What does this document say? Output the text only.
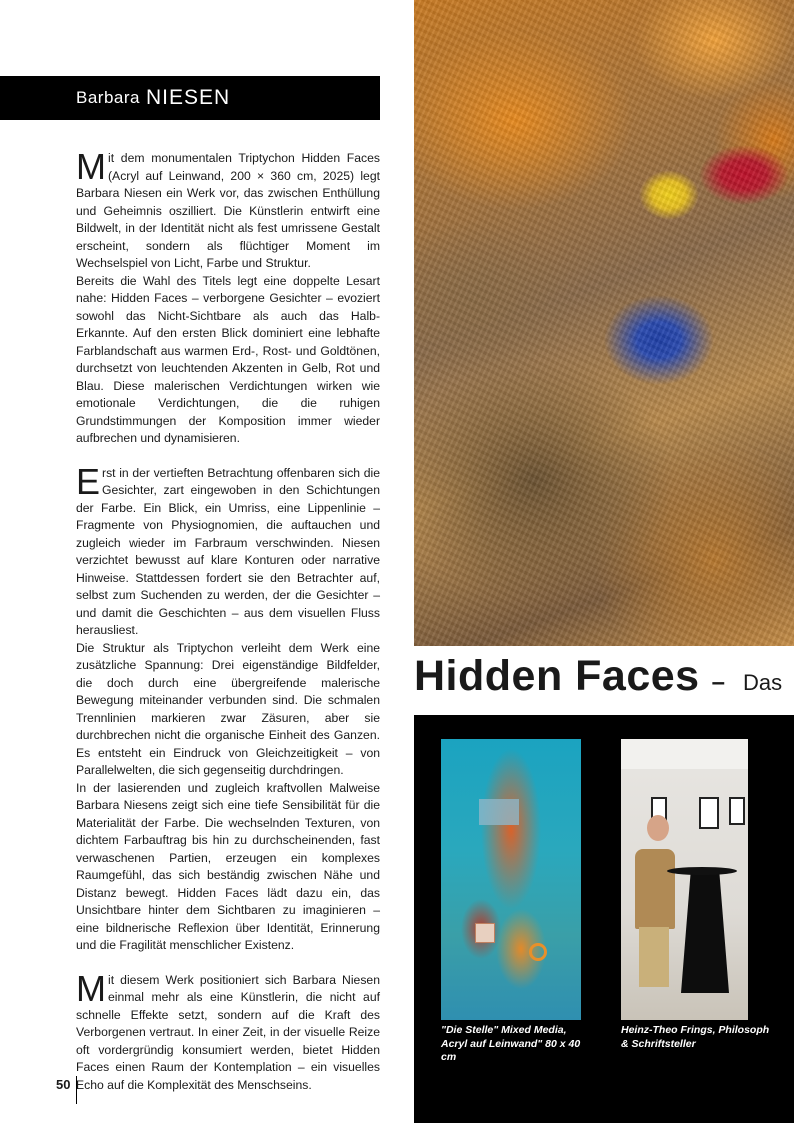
Barbara NIESEN

Mit dem monumentalen Triptychon Hidden Faces (Acryl auf Leinwand, 200 × 360 cm, 2025) legt Barbara Niesen ein Werk vor, das zwischen Enthüllung und Geheimnis oszilliert. Die Künstlerin entwirft eine Bildwelt, in der Identität nicht als fest umrissene Gestalt erscheint, sondern als flüchtiger Moment im Wechselspiel von Licht, Farbe und Struktur.

Bereits die Wahl des Titels legt eine doppelte Lesart nahe: Hidden Faces – verborgene Gesichter – evoziert sowohl das Nicht-Sichtbare als auch das Halb-Erkannte. Auf den ersten Blick dominiert eine lebhafte Farblandschaft aus warmen Erd-, Rost- und Goldtönen, durchsetzt von leuchtenden Akzenten in Gelb, Rot und Blau. Diese malerischen Verdichtungen wirken wie emotionale Verdichtungen, die die ruhigen Grundstimmungen der Komposition immer wieder aufbrechen und dynamisieren.

Erst in der vertieften Betrachtung offenbaren sich die Gesichter, zart eingewoben in den Schichtungen der Farbe. Ein Blick, ein Umriss, eine Lippenlinie – Fragmente von Physiognomien, die auftauchen und zugleich wieder im Farbraum verschwinden. Niesen verzichtet bewusst auf klare Konturen oder narrative Hinweise. Stattdessen fordert sie den Betrachter auf, selbst zum Suchenden zu werden, der die Gesichter – und damit die Geschichten – aus dem visuellen Fluss herausliest.

Die Struktur als Triptychon verleiht dem Werk eine zusätzliche Spannung: Drei eigenständige Bildfelder, die doch durch eine übergreifende malerische Bewegung miteinander verbunden sind. Die schmalen Trennlinien markieren zwar Zäsuren, aber sie durchbrechen nicht die organische Einheit des Ganzen. Es entsteht ein Eindruck von Gleichzeitigkeit – von Parallelwelten, die sich gegenseitig durchdringen.

In der lasierenden und zugleich kraftvollen Malweise Barbara Niesens zeigt sich eine tiefe Sensibilität für die Materialität der Farbe. Die wechselnden Texturen, von dichtem Farbauftrag bis hin zu durchscheinenden, fast verwaschenen Partien, erzeugen ein komplexes Raumgefühl, das sich beständig zwischen Nähe und Distanz bewegt. Hidden Faces lädt dazu ein, das Unsichtbare hinter dem Sichtbaren zu imaginieren – eine bildnerische Reflexion über Identität, Erinnerung und die Fragilität menschlicher Existenz.

Mit diesem Werk positioniert sich Barbara Niesen einmal mehr als eine Künstlerin, die nicht auf schnelle Effekte setzt, sondern auf die Kraft des Verborgenen vertraut. In einer Zeit, in der visuelle Reize oft vordergründig konsumiert werden, bietet Hidden Faces einen Raum der Kontemplation – ein visuelles Echo auf die Komplexität des Menschseins.

50
Hidden Faces – Das
"Die Stelle" Mixed Media, Acryl auf Leinwand" 80 x 40 cm
Heinz-Theo Frings, Philosoph & Schriftsteller
